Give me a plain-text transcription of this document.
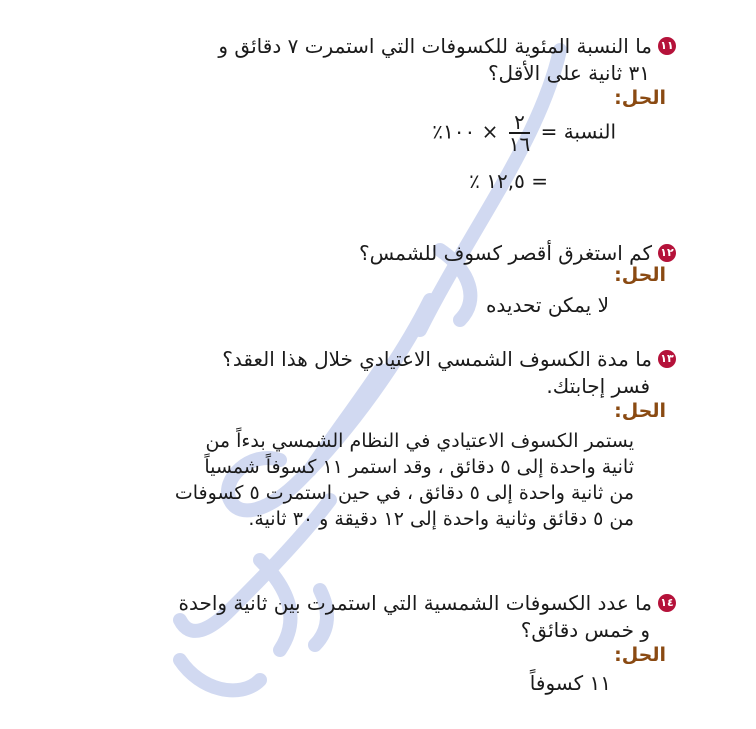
١١ما النسبة المئوية للكسوفات التي استمرت ٧ دقائق و
٣١ ثانية على الأقل؟
الحل:
النسبة =
$\frac{٢}{١٦}$
× ١٠٠٪
= ١٢,٥ ٪
١٢كم استغرق أقصر كسوف للشمس؟
الحل:
لا يمكن تحديده
١٣ما مدة الكسوف الشمسي الاعتيادي خلال هذا العقد؟
فسر إجابتك.
الحل:
يستمر الكسوف الاعتيادي في النظام الشمسي بدءاً من
ثانية واحدة إلى ٥ دقائق ، وقد استمر ١١ كسوفاً شمسياً
من ثانية واحدة إلى ٥ دقائق ، في حين استمرت ٥ كسوفات
من ٥ دقائق وثانية واحدة إلى ١٢ دقيقة و ٣٠ ثانية.
١٤ما عدد الكسوفات الشمسية التي استمرت بين ثانية واحدة
و خمس دقائق؟
الحل:
١١ كسوفاً
